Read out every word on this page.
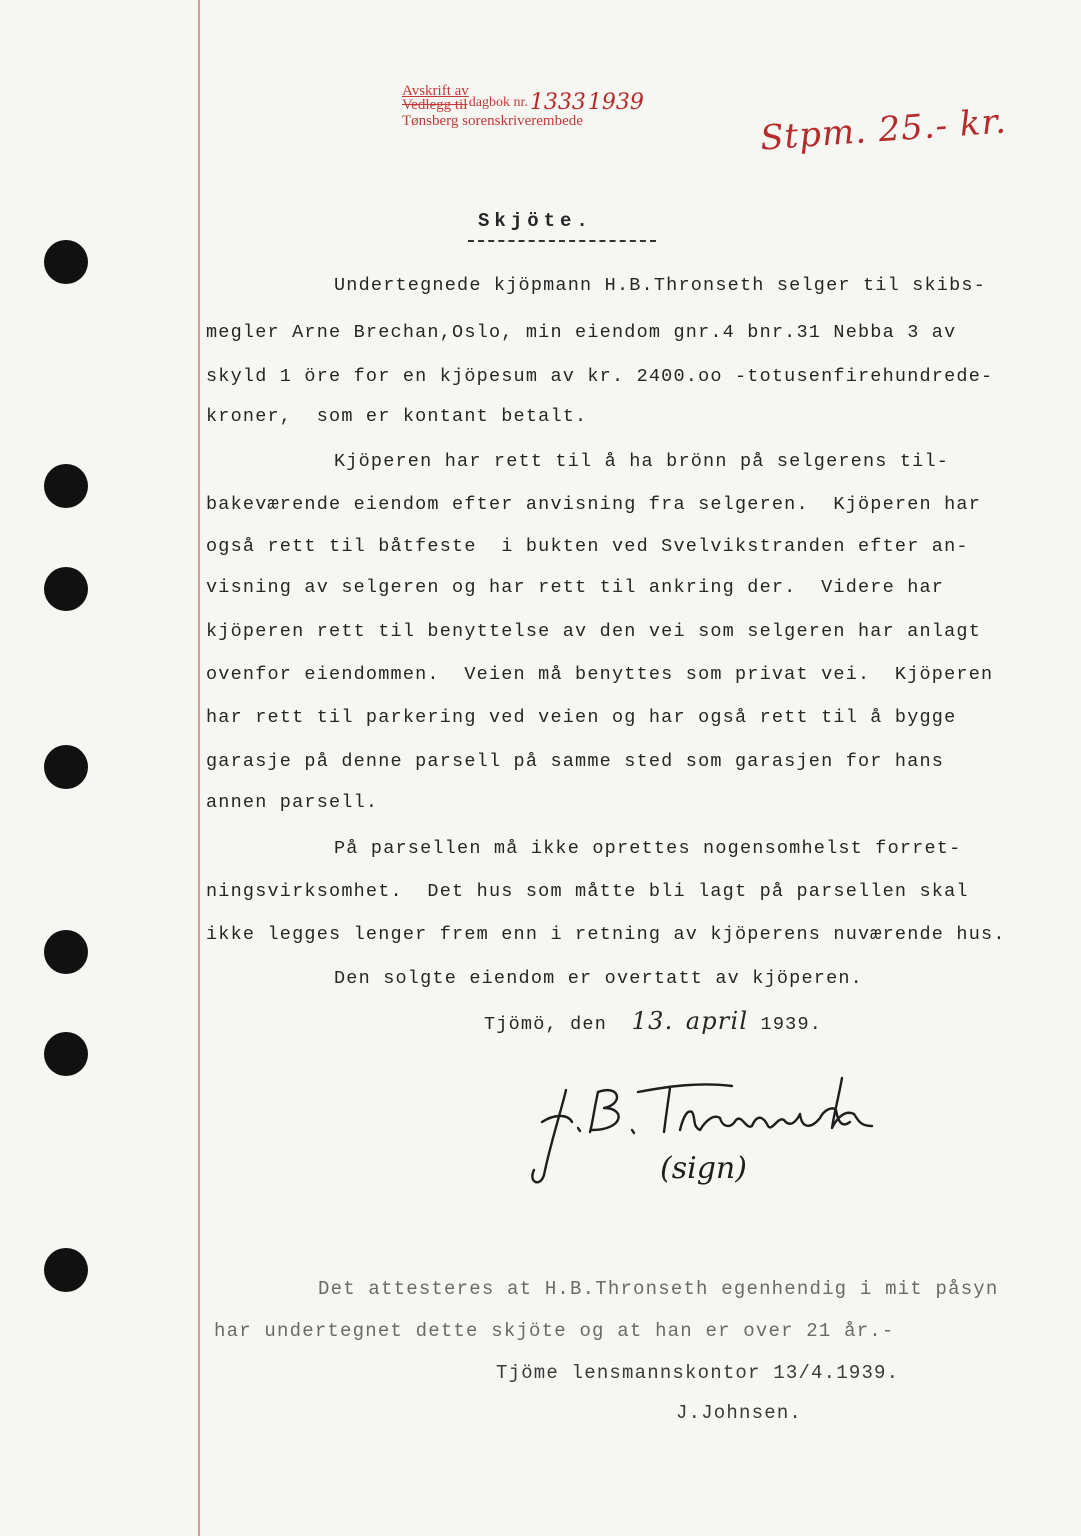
Avskrift av
Vedlegg til dagbok nr. 1333 1939
Tønsberg sorenskriverembede	Stpm. 25.- kr.
Skjöte.
Undertegnede kjöpmann H.B.Thronseth selger til skibs-
megler Arne Brechan,Oslo, min eiendom gnr.4 bnr.31 Nebba 3 av
skyld 1 öre for en kjöpesum av kr. 2400.oo -totusenfirehundrede-
kroner,  som er kontant betalt.
Kjöperen har rett til å ha brönn på selgerens til-
bakeværende eiendom efter anvisning fra selgeren.  Kjöperen har
også rett til båtfeste  i bukten ved Svelvikstranden efter an-
visning av selgeren og har rett til ankring der.  Videre har
kjöperen rett til benyttelse av den vei som selgeren har anlagt
ovenfor eiendommen.  Veien må benyttes som privat vei.  Kjöperen
har rett til parkering ved veien og har også rett til å bygge
garasje på denne parsell på samme sted som garasjen for hans
annen parsell.
På parsellen må ikke oprettes nogensomhelst forret-
ningsvirksomhet.  Det hus som måtte bli lagt på parsellen skal
ikke legges lenger frem enn i retning av kjöperens nuværende hus.
Den solgte eiendom er overtatt av kjöperen.
Tjömö, den 13. april 1939.
(sign)
Det attesteres at H.B.Thronseth egenhendig i mit påsyn
har undertegnet dette skjöte og at han er over 21 år.-
Tjöme lensmannskontor 13/4.1939.
J.Johnsen.
